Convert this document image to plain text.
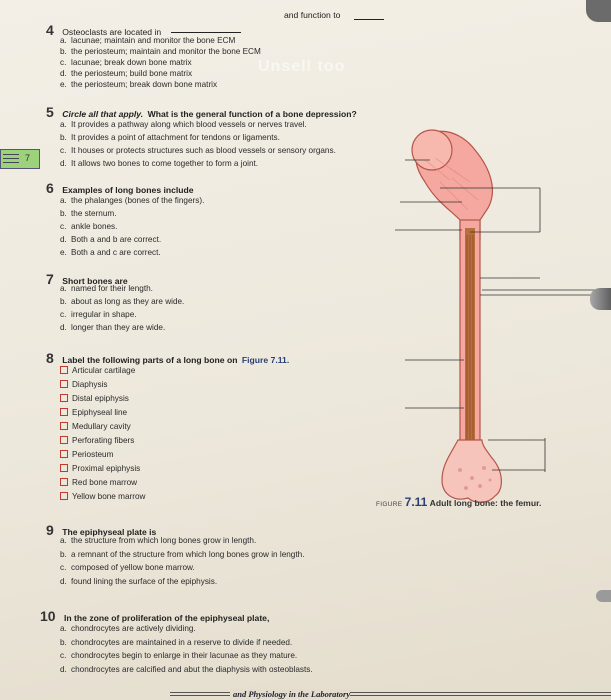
7
Unsell too
4 Osteoclasts are located in
and function to
a. lacunae; maintain and monitor the bone ECM
b. the periosteum; maintain and monitor the bone ECM
c. lacunae; break down bone matrix
d. the periosteum; build bone matrix
e. the periosteum; break down bone matrix
5 Circle all that apply. What is the general function of a bone depression?
a. It provides a pathway along which blood vessels or nerves travel.
b. It provides a point of attachment for tendons or ligaments.
c. It houses or protects structures such as blood vessels or sensory organs.
d. It allows two bones to come together to form a joint.
6 Examples of long bones include
a. the phalanges (bones of the fingers).
b. the sternum.
c. ankle bones.
d. Both a and b are correct.
e. Both a and c are correct.
7 Short bones are
a. named for their length.
b. about as long as they are wide.
c. irregular in shape.
d. longer than they are wide.
8 Label the following parts of a long bone on Figure 7.11.
Articular cartilage
Diaphysis
Distal epiphysis
Epiphyseal line
Medullary cavity
Perforating fibers
Periosteum
Proximal epiphysis
Red bone marrow
Yellow bone marrow
FIGURE 7.11 Adult long bone: the femur.
9 The epiphyseal plate is
a. the structure from which long bones grow in length.
b. a remnant of the structure from which long bones grow in length.
c. composed of yellow bone marrow.
d. found lining the surface of the epiphysis.
10 In the zone of proliferation of the epiphyseal plate,
a. chondrocytes are actively dividing.
b. chondrocytes are maintained in a reserve to divide if needed.
c. chondrocytes begin to enlarge in their lacunae as they mature.
d. chondrocytes are calcified and abut the diaphysis with osteoblasts.
and Physiology in the Laboratory
